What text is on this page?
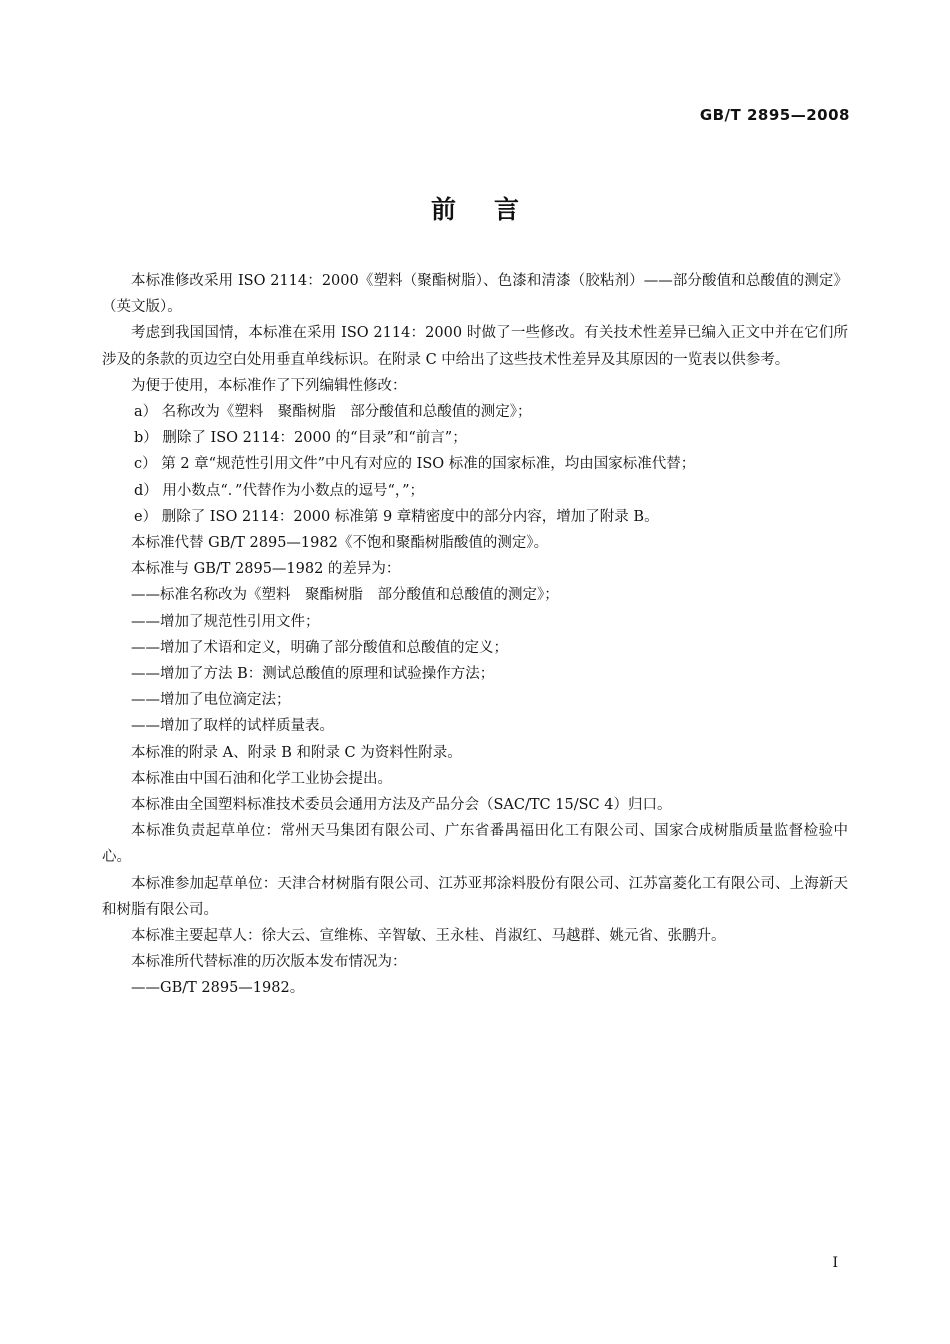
GB/T 2895—2008
前言

本标准修改采用 ISO 2114：2000《塑料（聚酯树脂）、色漆和清漆（胶粘剂）——部分酸值和总酸值的测定》（英文版）。

考虑到我国国情，本标准在采用 ISO 2114：2000 时做了一些修改。有关技术性差异已编入正文中并在它们所涉及的条款的页边空白处用垂直单线标识。在附录 C 中给出了这些技术性差异及其原因的一览表以供参考。

为便于使用，本标准作了下列编辑性修改：

a） 名称改为《塑料　聚酯树脂　部分酸值和总酸值的测定》；

b） 删除了 ISO 2114：2000 的“目录”和“前言”；

c） 第 2 章“规范性引用文件”中凡有对应的 ISO 标准的国家标准，均由国家标准代替；

d） 用小数点“．”代替作为小数点的逗号“，”；

e） 删除了 ISO 2114：2000 标准第 9 章精密度中的部分内容，增加了附录 B。

本标准代替 GB/T 2895—1982《不饱和聚酯树脂酸值的测定》。

本标准与 GB/T 2895—1982 的差异为：

——标准名称改为《塑料　聚酯树脂　部分酸值和总酸值的测定》；

——增加了规范性引用文件；

——增加了术语和定义，明确了部分酸值和总酸值的定义；

——增加了方法 B：测试总酸值的原理和试验操作方法；

——增加了电位滴定法；

——增加了取样的试样质量表。

本标准的附录 A、附录 B 和附录 C 为资料性附录。

本标准由中国石油和化学工业协会提出。

本标准由全国塑料标准技术委员会通用方法及产品分会（SAC/TC 15/SC 4）归口。

本标准负责起草单位：常州天马集团有限公司、广东省番禺福田化工有限公司、国家合成树脂质量监督检验中心。

本标准参加起草单位：天津合材树脂有限公司、江苏亚邦涂料股份有限公司、江苏富菱化工有限公司、上海新天和树脂有限公司。

本标准主要起草人：徐大云、宣维栋、辛智敏、王永桂、肖淑红、马越群、姚元省、张鹏升。

本标准所代替标准的历次版本发布情况为：

——GB/T 2895—1982。

I
